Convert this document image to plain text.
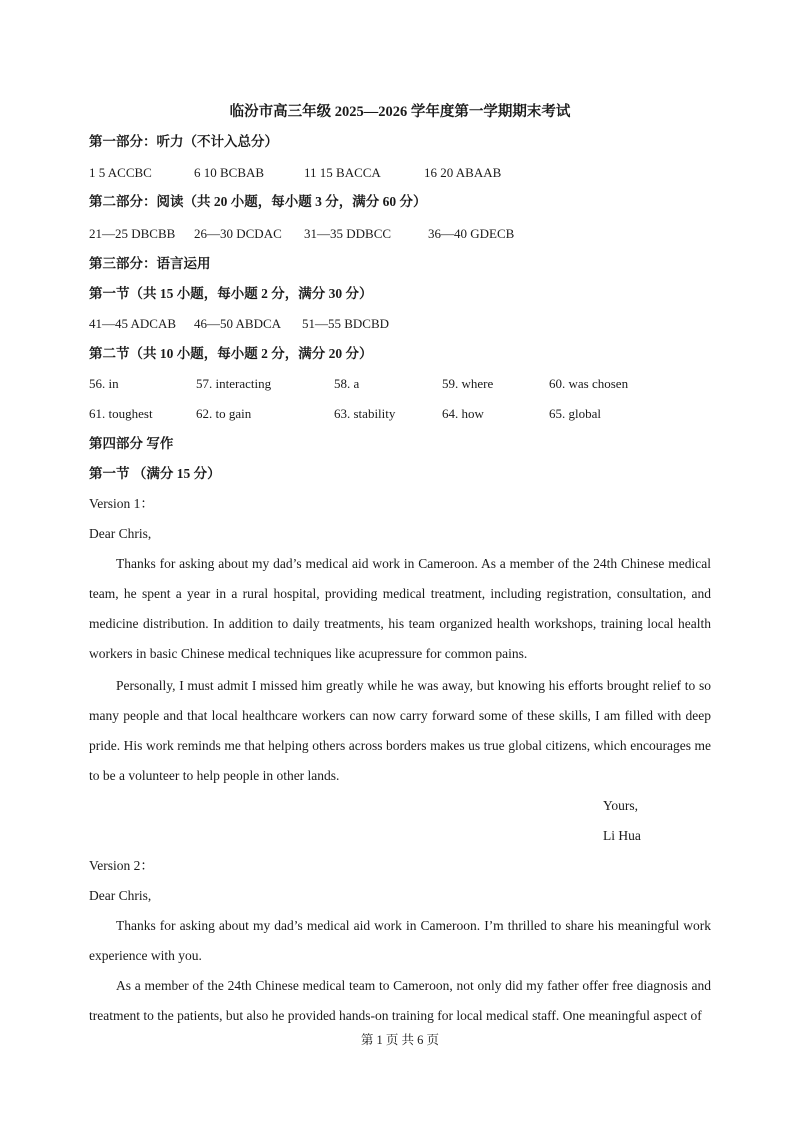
临汾市高三年级 2025—2026 学年度第一学期期末考试
第一部分：听力（不计入总分）
1 5 ACCBC	6 10 BCBAB	11 15 BACCA	16 20 ABAAB
第二部分：阅读（共 20 小题，每小题 3 分，满分 60 分）
21—25 DBCBB 26—30 DCDAC 31—35 DDBCC	36—40 GDECB
第三部分：语言运用
第一节（共 15 小题，每小题 2 分，满分 30 分）
41—45 ADCAB 46—50 ABDCA 51—55 BDCBD
第二节（共 10 小题，每小题 2 分，满分 20 分）
56. in	57. interacting	58. a	59. where	60. was chosen
61. toughest	62. to gain	63. stability	64. how	65. global
第四部分 写作
第一节 （满分 15 分）
Version 1：
Dear Chris,
Thanks for asking about my dad’s medical aid work in Cameroon. As a member of the 24th Chinese medical team, he spent a year in a rural hospital, providing medical treatment, including registration, consultation, and medicine distribution. In addition to daily treatments, his team organized health workshops, training local health workers in basic Chinese medical techniques like acupressure for common pains.
Personally, I must admit I missed him greatly while he was away, but knowing his efforts brought relief to so many people and that local healthcare workers can now carry forward some of these skills, I am filled with deep pride. His work reminds me that helping others across borders makes us true global citizens, which encourages me to be a volunteer to help people in other lands.
Yours,
Li Hua
Version 2：
Dear Chris,
Thanks for asking about my dad’s medical aid work in Cameroon. I’m thrilled to share his meaningful work experience with you.
As a member of the 24th Chinese medical team to Cameroon, not only did my father offer free diagnosis and treatment to the patients, but also he provided hands-on training for local medical staff. One meaningful aspect of
第 1 页 共 6 页
